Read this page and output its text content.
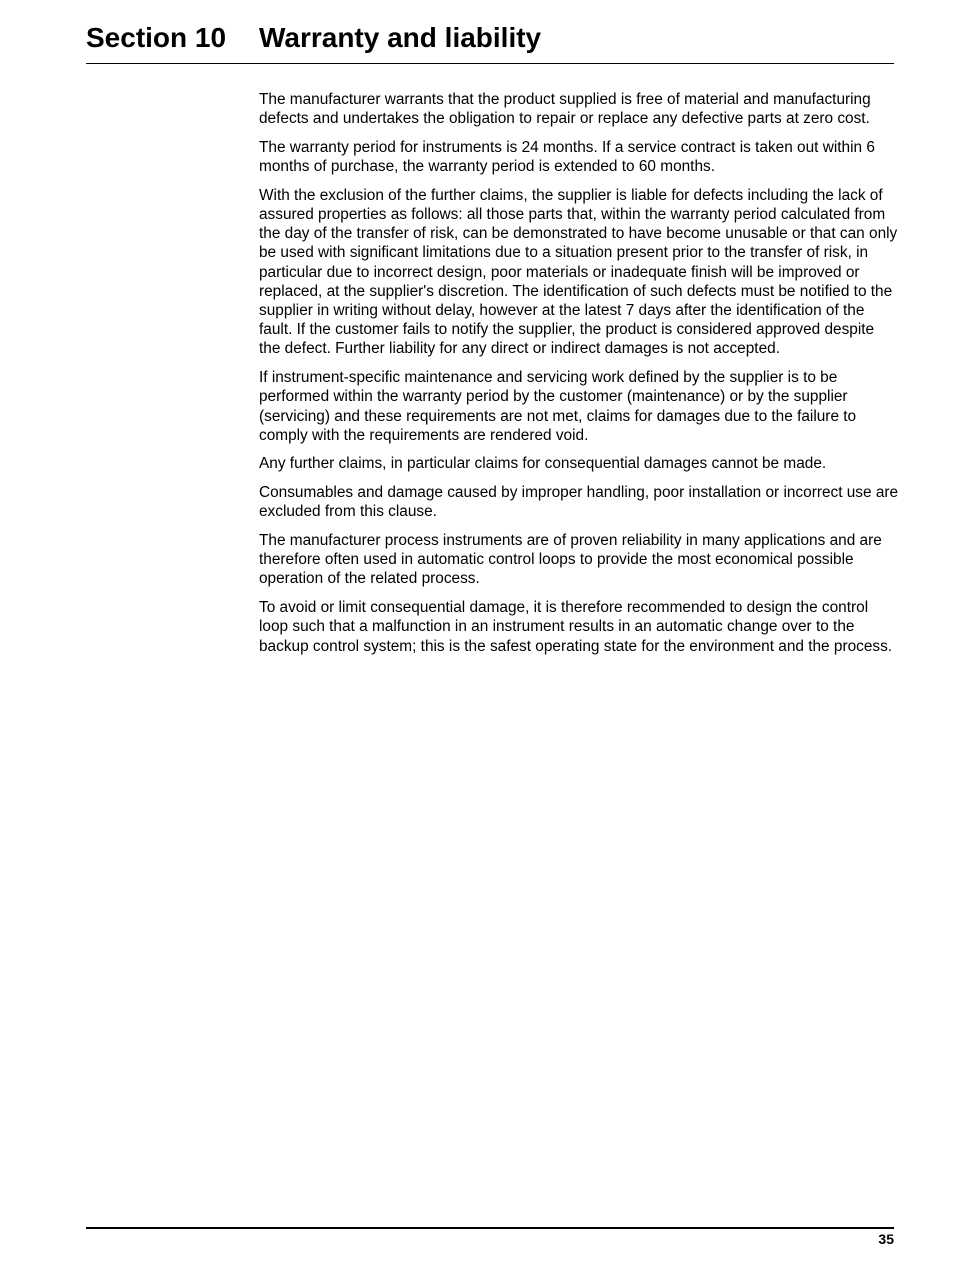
Section 10 Warranty and liability

The manufacturer warrants that the product supplied is free of material and manufacturing defects and undertakes the obligation to repair or replace any defective parts at zero cost.

The warranty period for instruments is 24 months. If a service contract is taken out within 6 months of purchase, the warranty period is extended to 60 months.

With the exclusion of the further claims, the supplier is liable for defects including the lack of assured properties as follows: all those parts that, within the warranty period calculated from the day of the transfer of risk, can be demonstrated to have become unusable or that can only be used with significant limitations due to a situation present prior to the transfer of risk, in particular due to incorrect design, poor materials or inadequate finish will be improved or replaced, at the supplier's discretion. The identification of such defects must be notified to the supplier in writing without delay, however at the latest 7 days after the identification of the fault. If the customer fails to notify the supplier, the product is considered approved despite the defect. Further liability for any direct or indirect damages is not accepted.

If instrument-specific maintenance and servicing work defined by the supplier is to be performed within the warranty period by the customer (maintenance) or by the supplier (servicing) and these requirements are not met, claims for damages due to the failure to comply with the requirements are rendered void.

Any further claims, in particular claims for consequential damages cannot be made.

Consumables and damage caused by improper handling, poor installation or incorrect use are excluded from this clause.

The manufacturer process instruments are of proven reliability in many applications and are therefore often used in automatic control loops to provide the most economical possible operation of the related process.

To avoid or limit consequential damage, it is therefore recommended to design the control loop such that a malfunction in an instrument results in an automatic change over to the backup control system; this is the safest operating state for the environment and the process.

35
